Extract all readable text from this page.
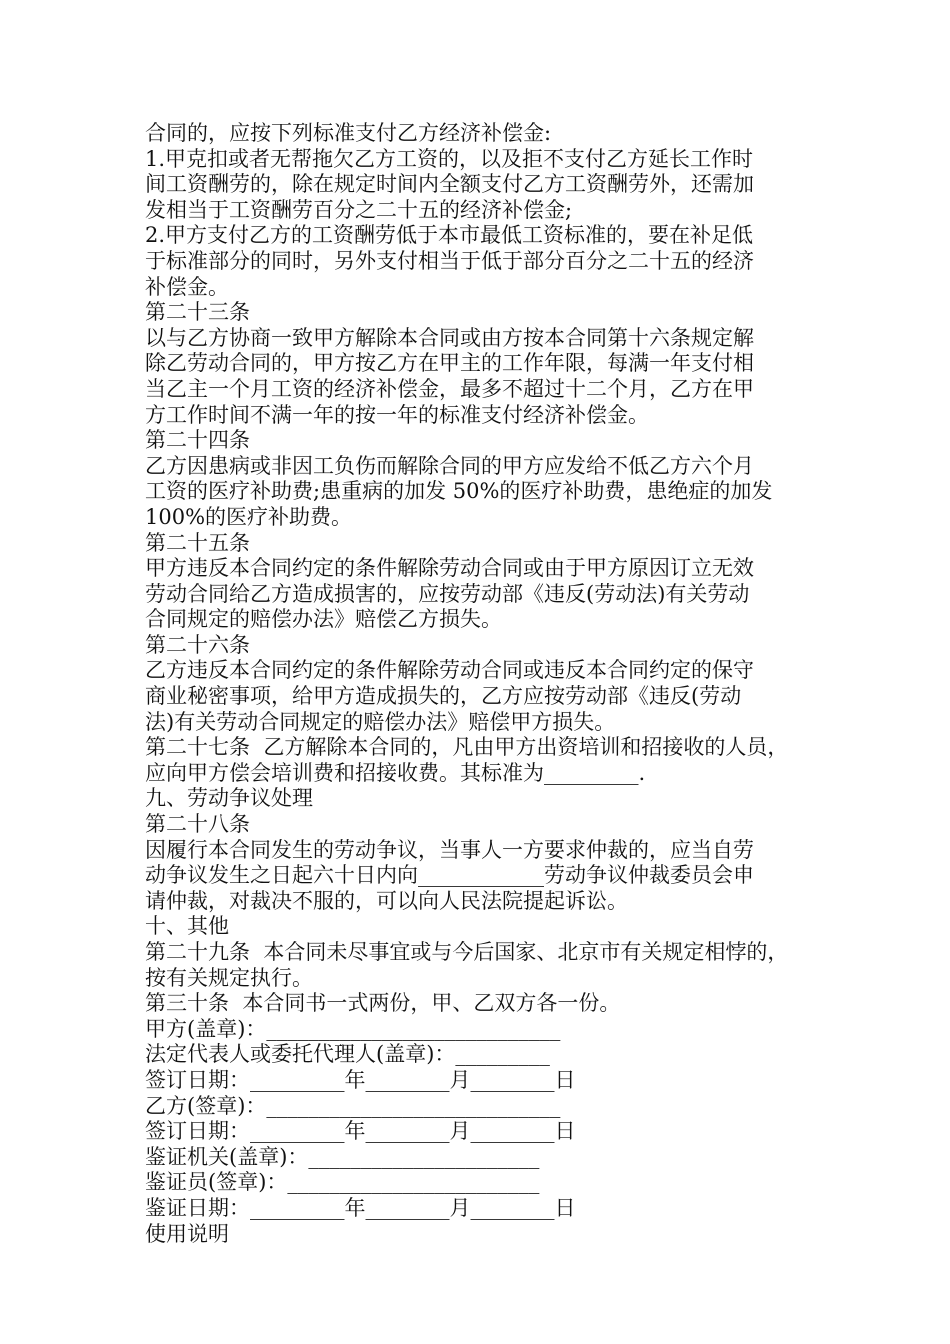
合同的，应按下列标准支付乙方经济补偿金:
1.甲克扣或者无帮拖欠乙方工资的，以及拒不支付乙方延长工作时
间工资酬劳的，除在规定时间内全额支付乙方工资酬劳外，还需加
发相当于工资酬劳百分之二十五的经济补偿金;
2.甲方支付乙方的工资酬劳低于本市最低工资标准的，要在补足低
于标准部分的同时，另外支付相当于低于部分百分之二十五的经济
补偿金。
第二十三条
以与乙方协商一致甲方解除本合同或由方按本合同第十六条规定解
除乙劳动合同的，甲方按乙方在甲主的工作年限，每满一年支付相
当乙主一个月工资的经济补偿金，最多不超过十二个月，乙方在甲
方工作时间不满一年的按一年的标准支付经济补偿金。
第二十四条
乙方因患病或非因工负伤而解除合同的甲方应发给不低乙方六个月
工资的医疗补助费;患重病的加发 50%的医疗补助费，患绝症的加发
100%的医疗补助费。
第二十五条
甲方违反本合同约定的条件解除劳动合同或由于甲方原因订立无效
劳动合同给乙方造成损害的，应按劳动部《违反(劳动法)有关劳动
合同规定的赔偿办法》赔偿乙方损失。
第二十六条
乙方违反本合同约定的条件解除劳动合同或违反本合同约定的保守
商业秘密事项，给甲方造成损失的，乙方应按劳动部《违反(劳动
法)有关劳动合同规定的赔偿办法》赔偿甲方损失。
第二十七条  乙方解除本合同的，凡由甲方出资培训和招接收的人员，
应向甲方偿会培训费和招接收费。其标准为_________.
九、劳动争议处理
第二十八条
因履行本合同发生的劳动争议，当事人一方要求仲裁的，应当自劳
动争议发生之日起六十日内向____________劳动争议仲裁委员会申
请仲裁，对裁决不服的，可以向人民法院提起诉讼。
十、其他
第二十九条  本合同未尽事宜或与今后国家、北京市有关规定相悖的，
按有关规定执行。
第三十条  本合同书一式两份，甲、乙双方各一份。
甲方(盖章)：____________________________
法定代表人或委托代理人(盖章)：_________
签订日期：_________年________月________日
乙方(签章)：____________________________
签订日期：_________年________月________日
鉴证机关(盖章)：______________________
鉴证员(签章)：________________________
鉴证日期：_________年________月________日
使用说明
